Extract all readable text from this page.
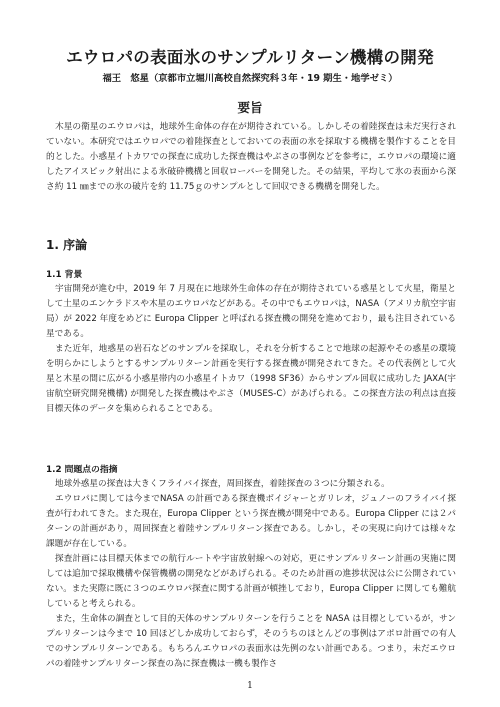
エウロパの表面氷のサンプルリターン機構の開発
福王　悠星（京都市立堀川高校自然探究科３年・19 期生・地学ゼミ）
要旨
木星の衛星のエウロパは，地球外生命体の存在が期待されている。しかしその着陸探査は未だ実行されていない。本研究ではエウロパでの着陸探査としておいての表面の氷を採取する機構を製作することを目的とした。小惑星イトカワでの探査に成功した探査機はやぶさの事例などを参考に，エウロパの環境に適したアイスピック射出による氷破砕機構と回収ローバーを開発した。その結果，平均して氷の表面から深さ約 11 ㎜までの氷の破片を約 11.75ｇのサンプルとして回収できる機構を開発した。
1. 序論
1.1 背景

宇宙開発が進む中，2019 年 7 月現在に地球外生命体の存在が期待されている惑星として火星，衛星として土星のエンケラドスや木星のエウロパなどがある。その中でもエウロパは，NASA（アメリカ航空宇宙局）が 2022 年度をめどに Europa Clipper と呼ばれる探査機の開発を進めており，最も注目されている星である。

また近年，地惑星の岩石などのサンプルを採取し，それを分析することで地球の起源やその惑星の環境を明らかにしようとするサンプルリターン計画を実行する探査機が開発されてきた。その代表例として火星と木星の間に広がる小惑星帯内の小惑星イトカワ（1998 SF36）からサンプル回収に成功した JAXA(宇宙航空研究開発機構) が開発した探査機はやぶさ（MUSES-C）があげられる。この探査方法の利点は直接目標天体のデータを集められることである。

1.2 問題点の指摘

地球外惑星の探査は大きくフライバイ探査，周回探査，着陸探査の３つに分類される。

エウロパに関しては今までNASA の計画である探査機ボイジャーとガリレオ，ジュノーのフライバイ探査が行われてきた。また現在，Europa Clipper という探査機が開発中である。Europa Clipper には２パターンの計画があり，周回探査と着陸サンプルリターン探査である。しかし，その実現に向けては様々な課題が存在している。

探査計画には目標天体までの航行ルートや宇宙放射線への対応，更にサンプルリターン計画の実施に関しては追加で採取機構や保管機構の開発などがあげられる。そのため計画の進捗状況は公に公開されていない。また実際に既に３つのエウロパ探査に関する計画が頓挫しており，Europa Clipper に関しても難航していると考えられる。

また，生命体の調査として目的天体のサンプルリターンを行うことを NASA は目標としているが，サンプルリターンは今まで 10 回ほどしか成功しておらず，そのうちのほとんどの事例はアポロ計画での有人でのサンプルリターンである。もちろんエウロパの表面氷は先例のない計画である。つまり，未だエウロパの着陸サンプルリターン探査の為に探査機は一機も製作さ

1
